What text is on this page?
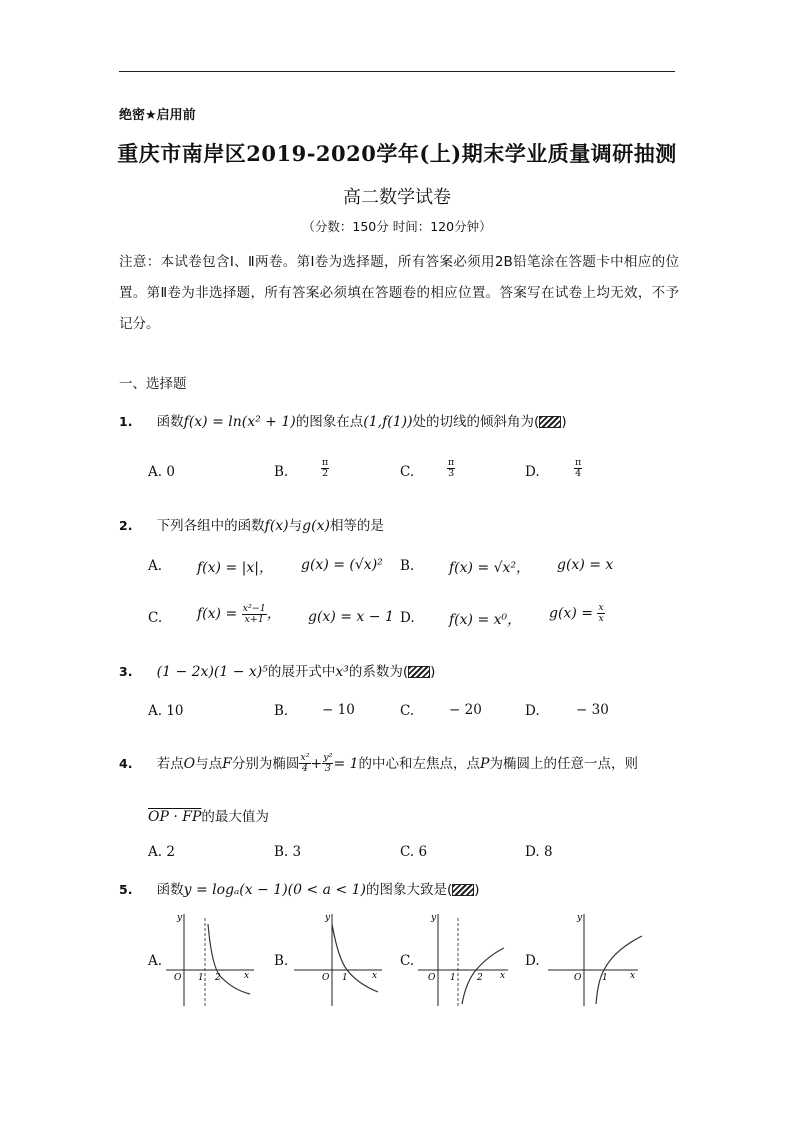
绝密★启用前
重庆市南岸区2019-2020学年(上)期末学业质量调研抽测
高二数学试卷
（分数：150分 时间：120分钟）
注意：本试卷包含Ⅰ、Ⅱ两卷。第Ⅰ卷为选择题，所有答案必须用2B铅笔涂在答题卡中相应的位置。第Ⅱ卷为非选择题，所有答案必须填在答题卷的相应位置。答案写在试卷上均无效，不予记分。
一、选择题
1. 函数f(x) = ln(x² + 1)的图象在点(1,f(1))处的切线的倾斜角为( )
A. 0	B.	$\frac{\pi}{2}$	C.	$\frac{\pi}{3}$	D.	$\frac{\pi}{4}$
2. 下列各组中的函数f(x)与g(x)相等的是
A. f(x) = |x|， g(x) = (√x)² B. f(x) = √x²， g(x) = x
C. $f(x) = \frac{\text{x²−1}}{x+1}$ ， g(x) = x − 1 D. f(x) = x⁰， $g(x) = \frac{x}{x}$
3. (1 − 2x)(1 − x)⁵的展开式中x³的系数为( )
A. 10	B.	− 10	C.	− 20	D.	− 30
4. 若点O与点F分别为椭圆 $\frac{\text{x²}}{4} + \frac{\text{y²}}{3} = 1$的中心和左焦点，点P为椭圆上的任意一点，则
OP · FP的最大值为
A. 2	B. 3	C. 6	D. 8
5. 函数y = logₐ(x − 1)(0 < a < 1)的图象大致是( )
A.
y
O 1 2	x
B.
y
O 1	x
C.
y
O 1 2 x
D.
y
O 1 x
